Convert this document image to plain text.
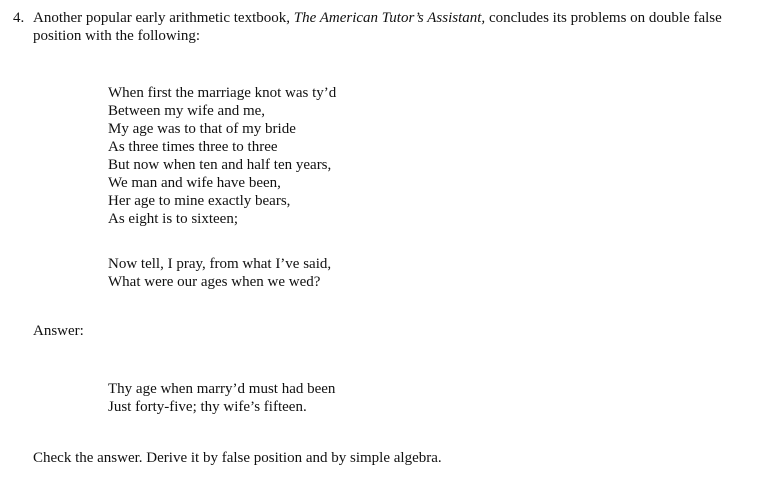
4. Another popular early arithmetic textbook, The American Tutor’s Assistant, concludes its problems on double false position with the following:
When first the marriage knot was ty’d
Between my wife and me,
My age was to that of my bride
As three times three to three
But now when ten and half ten years,
We man and wife have been,
Her age to mine exactly bears,
As eight is to sixteen;
Now tell, I pray, from what I’ve said,
What were our ages when we wed?
Answer:
Thy age when marry’d must had been
Just forty-five; thy wife’s fifteen.
Check the answer. Derive it by false position and by simple algebra.
